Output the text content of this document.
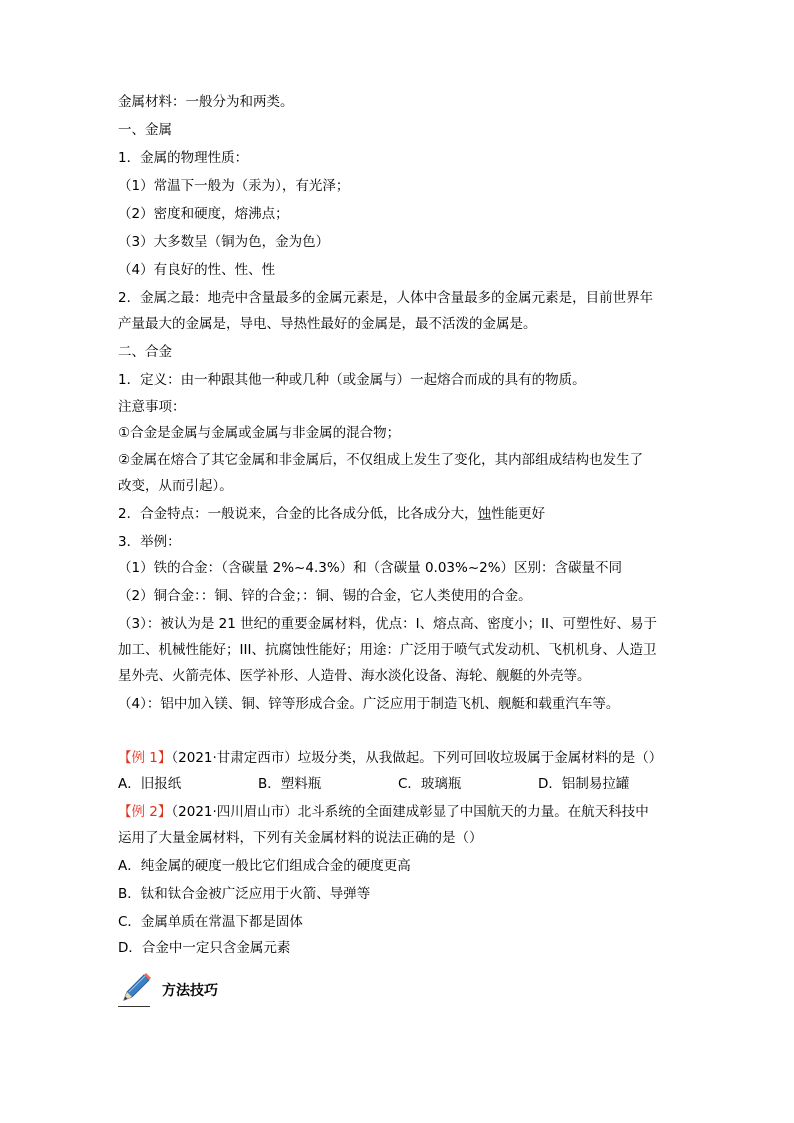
金属材料：一般分为和两类。
一、金属
1．金属的物理性质：
（1）常温下一般为（汞为），有光泽；
（2）密度和硬度，熔沸点；
（3）大多数呈（铜为色，金为色）
（4）有良好的性、性、性
2．金属之最：地壳中含量最多的金属元素是，人体中含量最多的金属元素是，目前世界年
产量最大的金属是，导电、导热性最好的金属是，最不活泼的金属是。
二、合金
1．定义：由一种跟其他一种或几种（或金属与）一起熔合而成的具有的物质。
注意事项：
①合金是金属与金属或金属与非金属的混合物；
②金属在熔合了其它金属和非金属后，不仅组成上发生了变化，其内部组成结构也发生了
改变，从而引起）。
2．合金特点：一般说来，合金的比各成分低，比各成分大，蚀性能更好
3．举例：
（1）铁的合金：（含碳量 2%~4.3%）和（含碳量 0.03%~2%）区别：含碳量不同
（2）铜合金：：铜、锌的合金；：铜、锡的合金，它人类使用的合金。
（3）：被认为是 21 世纪的重要金属材料，优点：I、熔点高、密度小；II、可塑性好、易于
加工、机械性能好；III、抗腐蚀性能好；用途：广泛用于喷气式发动机、飞机机身、人造卫
星外壳、火箭壳体、医学补形、人造骨、海水淡化设备、海轮、舰艇的外壳等。
（4）：铝中加入镁、铜、锌等形成合金。广泛应用于制造飞机、舰艇和载重汽车等。
【例 1】（2021·甘肃定西市）垃圾分类，从我做起。下列可回收垃圾属于金属材料的是（）
A．旧报纸	B．塑料瓶	C．玻璃瓶	D．铝制易拉罐
【例 2】（2021·四川眉山市）北斗系统的全面建成彰显了中国航天的力量。在航天科技中
运用了大量金属材料，下列有关金属材料的说法正确的是（）
A．纯金属的硬度一般比它们组成合金的硬度更高
B．钛和钛合金被广泛应用于火箭、导弹等
C．金属单质在常温下都是固体
D．合金中一定只含金属元素
方法技巧
